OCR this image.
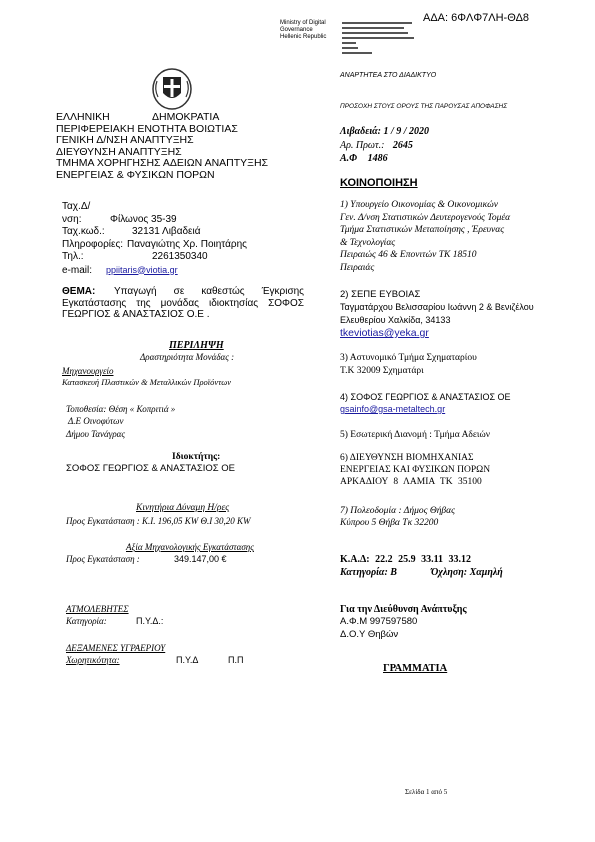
ΑΔΑ: 6ΦΛΦ7ΛΗ-ΘΔ8
Ministry of Digital
Governance
Hellenic Republic
ΑΝΑΡΤΗΤΕΑ ΣΤΟ ΔΙΑΔΙΚΤΥΟ
ΠΡΟΣΟΧΗ ΣΤΟΥΣ ΟΡΟΥΣ ΤΗΣ ΠΑΡΟΥΣΑΣ ΑΠΟΦΑΣΗΣ
ΕΛΛΗΝΙΚΗ ΔΗΜΟΚΡΑΤΙΑ
ΠΕΡΙΦΕΡΕΙΑΚΗ ΕΝΟΤΗΤΑ ΒΟΙΩΤΙΑΣ
ΓΕΝΙΚΗ Δ/ΝΣΗ ΑΝΑΠΤΥΞΗΣ
ΔΙΕΥΘΥΝΣΗ ΑΝΑΠΤΥΞΗΣ
ΤΜΗΜΑ ΧΟΡΗΓΗΣΗΣ ΑΔΕΙΩΝ ΑΝΑΠΤΥΞΗΣ
ΕΝΕΡΓΕΙΑΣ & ΦΥΣΙΚΩΝ ΠΟΡΩΝ
Λιβαδειά: 1 / 9 / 2020
Αρ. Πρωτ.: 2645
Α.Φ 1486
ΚΟΙΝΟΠΟΙΗΣΗ
Ταχ.Δ/νση:	Φίλωνος 35-39
Ταχ.κωδ.:	32131 Λιβαδειά
Πληροφορίες: Παναγιώτης Χρ. Ποιητάρης
Τηλ.:	2261350340
e-mail: ppiitaris@viotia.gr
ΘΕΜΑ: Υπαγωγή σε καθεστώς Έγκρισης
Εγκατάστασης της μονάδας ιδιοκτησίας ΣΟΦΟΣ
ΓΕΩΡΓΙΟΣ & ΑΝΑΣΤΑΣΙΟΣ Ο.Ε .
ΠΕΡΙΛΗΨΗ
Δραστηριότητα Μονάδας :
Μηχανουργείο
Κατασκευή Πλαστικών & Μεταλλικών Προϊόντων
Τοποθεσία: Θέση « Κοπριτιά »
Δ.Ε Οινοφύτων
Δήμου Τανάγρας
Ιδιοκτήτης:
ΣΟΦΟΣ ΓΕΩΡΓΙΟΣ & ΑΝΑΣΤΑΣΙΟΣ ΟΕ
Κινητήρια Δύναμη Η/ρες
Προς Εγκατάσταση : Κ.Ι. 196,05 KW Θ.Ι 30,20 KW
Αξία Μηχανολογικής Εγκατάστασης
Προς Εγκατάσταση :	349.147,00 €
ΑΤΜΟΛΕΒΗΤΕΣ
Κατηγορία:	Π.Υ.Δ.:
ΔΕΞΑΜΕΝΕΣ ΥΓΡΑΕΡΙΟΥ
Χωρητικότητα:	Π.Υ.Δ	Π.Π
1) Υπουργείο Οικονομίας & Οικονομικών
Γεν. Δ/νση Στατιστικών Δευτερογενούς Τομέα
Τμήμα Στατιστικών Μεταποίησης , Έρευνας
& Τεχνολογίας
Πειραιώς 46 & Επονιτών ΤΚ 18510
Πειραιάς
2) ΣΕΠΕ ΕΥΒΟΙΑΣ
Ταγματάρχου Βελισσαρίου Ιωάννη 2 & Βενιζέλου
Ελευθερίου Χαλκίδα, 34133
tkeviotias@yeka.gr
3) Αστυνομικό Τμήμα Σχηματαρίου
Τ.Κ 32009 Σχηματάρι
4) ΣΟΦΟΣ ΓΕΩΡΓΙΟΣ & ΑΝΑΣΤΑΣΙΟΣ ΟΕ
gsainfo@gsa-metaltech.gr
5) Εσωτερική Διανομή : Τμήμα Αδειών
6) ΔΙΕΥΘΥΝΣΗ ΒΙΟΜΗΧΑΝΙΑΣ
ΕΝΕΡΓΕΙΑΣ ΚΑΙ ΦΥΣΙΚΩΝ ΠΟΡΩΝ
ΑΡΚΑΔΙΟΥ 8 ΛΑΜΙΑ ΤΚ 35100
7) Πολεοδομία : Δήμος Θήβας
Κύπρου 5 Θήβα Τκ 32200
Κ.Α.Δ: 22.2 25.9 33.11 33.12
Κατηγορία: Β	Όχληση: Χαμηλή
Για την Διεύθυνση Ανάπτυξης
Α.Φ.Μ 997597580
Δ.Ο.Υ Θηβών
ΓΡΑΜΜΑΤΙΑ
Σελίδα 1 από 5
